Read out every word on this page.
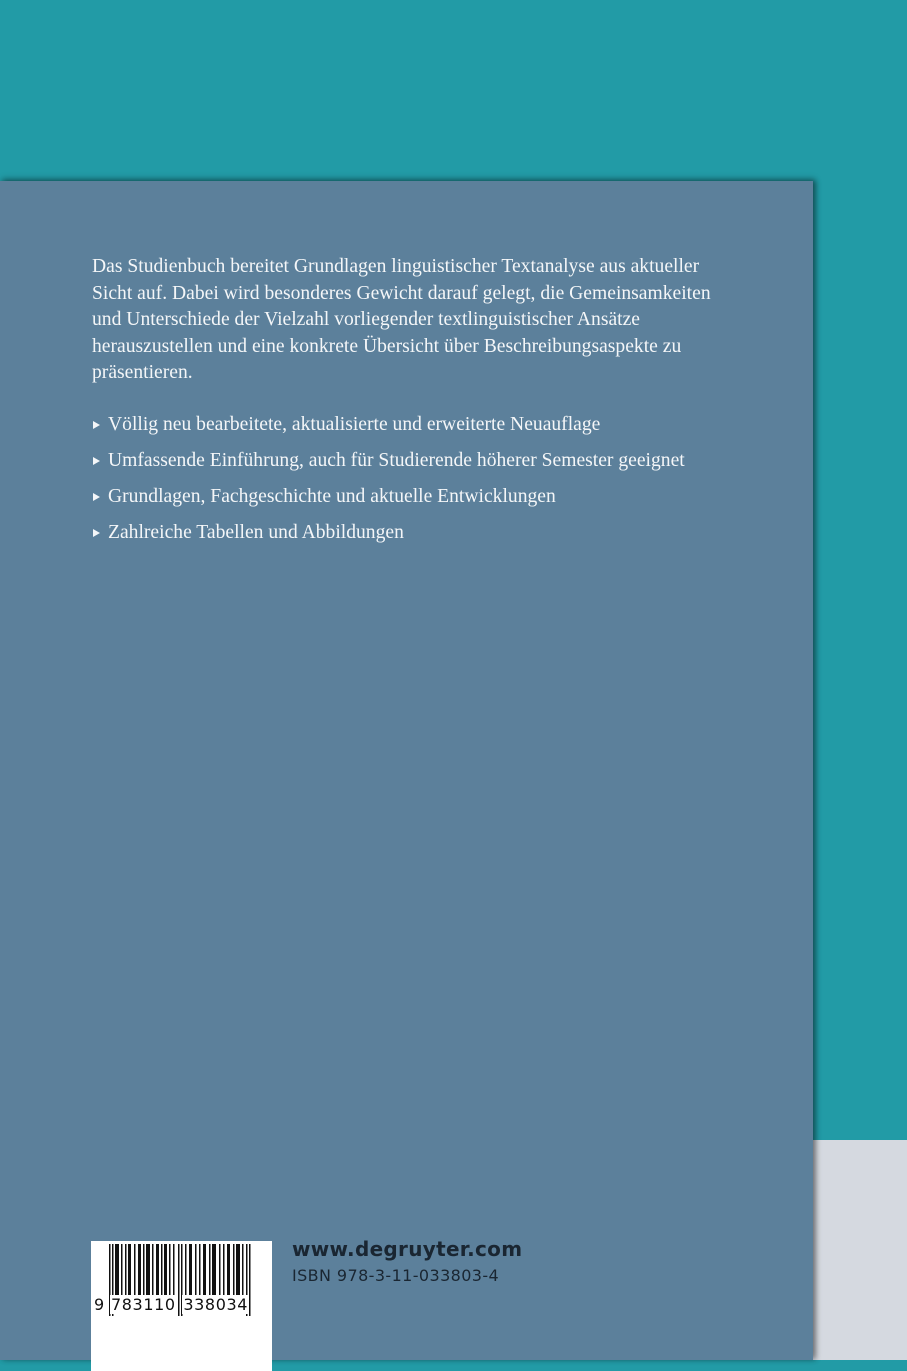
Das Studienbuch bereitet Grundlagen linguistischer Textanalyse aus aktueller Sicht auf. Dabei wird besonderes Gewicht darauf gelegt, die Gemeinsamkeiten und Unterschiede der Vielzahl vorliegender textlinguistischer Ansätze herauszustellen und eine konkrete Übersicht über Beschreibungsaspekte zu präsentieren.

Völlig neu bearbeitete, aktualisierte und erweiterte Neuauflage
Umfassende Einführung, auch für Studierende höherer Semester geeignet
Grundlagen, Fachgeschichte und aktuelle Entwicklungen
Zahlreiche Tabellen und Abbildungen
9 783110 338034
www.degruyter.com
ISBN 978-3-11-033803-4
